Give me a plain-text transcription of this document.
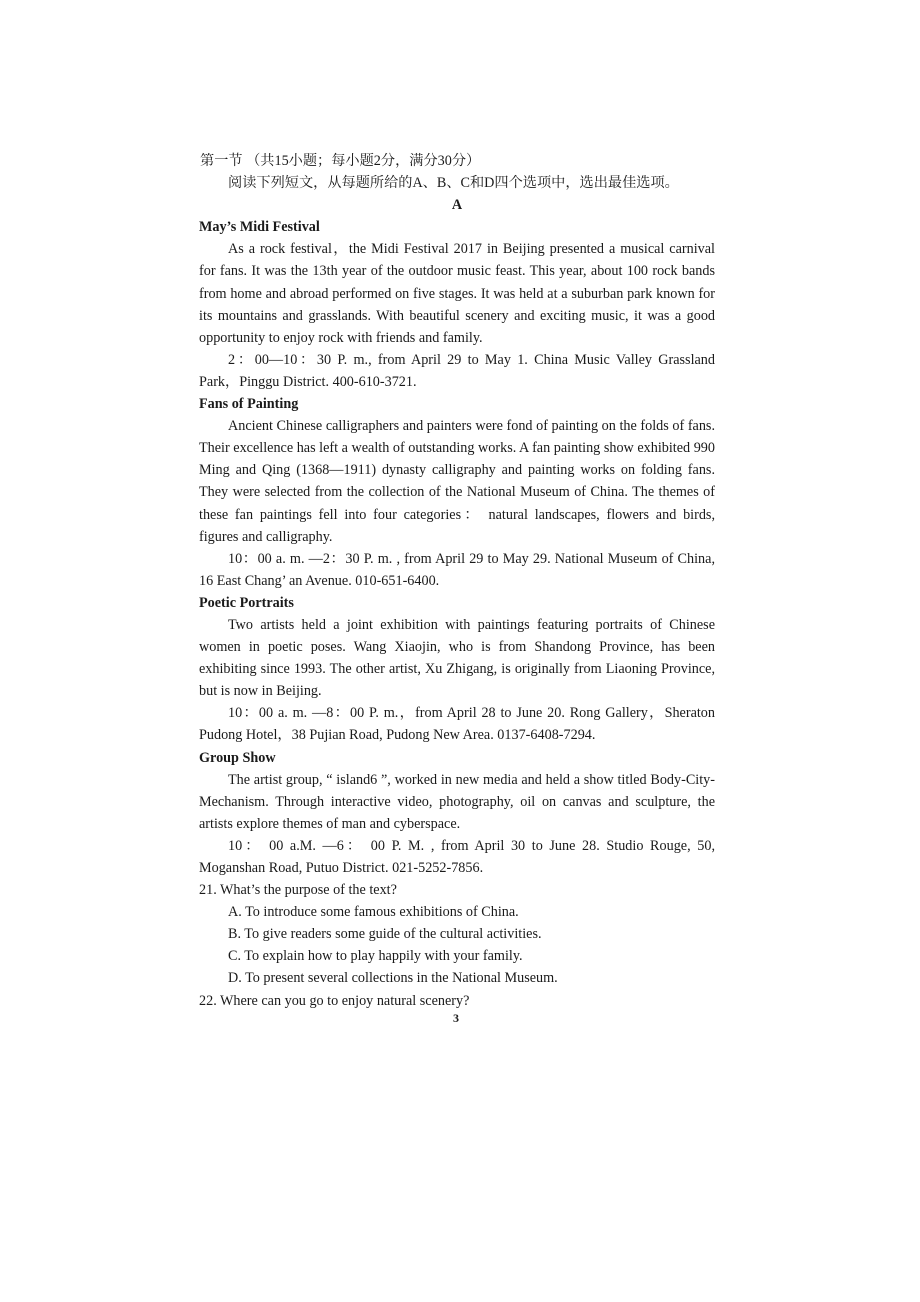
第一节 （共15小题；每小题2分，满分30分）

阅读下列短文，从每题所给的A、B、C和D四个选项中，选出最佳选项。

A

May’s Midi Festival

As a rock festival，the Midi Festival 2017 in Beijing presented a musical carnival for fans. It was the 13th year of the outdoor music feast. This year, about 100 rock bands from home and abroad performed on five stages. It was held at a suburban park known for its mountains and grasslands. With beautiful scenery and exciting music, it was a good opportunity to enjoy rock with friends and family.

2：00—10：30 P. m., from April 29 to May 1. China Music Valley Grassland Park，Pinggu District. 400-610-3721.

Fans of Painting

Ancient Chinese calligraphers and painters were fond of painting on the folds of fans. Their excellence has left a wealth of outstanding works. A fan painting show exhibited 990 Ming and Qing (1368—1911) dynasty calligraphy and painting works on folding fans. They were selected from the collection of the National Museum of China. The themes of these fan paintings fell into four categories： natural landscapes, flowers and birds, figures and calligraphy.

10：00 a. m. —2：30 P. m. , from April 29 to May 29. National Museum of China, 16 East Chang’ an Avenue. 010-651-6400.

Poetic Portraits

Two artists held a joint exhibition with paintings featuring portraits of Chinese women in poetic poses. Wang Xiaojin, who is from Shandong Province, has been exhibiting since 1993. The other artist, Xu Zhigang, is originally from Liaoning Province, but is now in Beijing.

10：00 a. m. —8：00 P. m.，from April 28 to June 20. Rong Gallery，Sheraton Pudong Hotel，38 Pujian Road, Pudong New Area. 0137-6408-7294.

Group Show

The artist group, “ island6 ”, worked in new media and held a show titled Body-City-Mechanism. Through interactive video, photography, oil on canvas and sculpture, the artists explore themes of man and cyberspace.

10： 00 a.M. —6： 00 P. M. , from April 30 to June 28. Studio Rouge, 50, Moganshan Road, Putuo District. 021-5252-7856.

21. What’s the purpose of the text?

A. To introduce some famous exhibitions of China.

B. To give readers some guide of the cultural activities.

C. To explain how to play happily with your family.

D. To present several collections in the National Museum.

22. Where can you go to enjoy natural scenery?

3
